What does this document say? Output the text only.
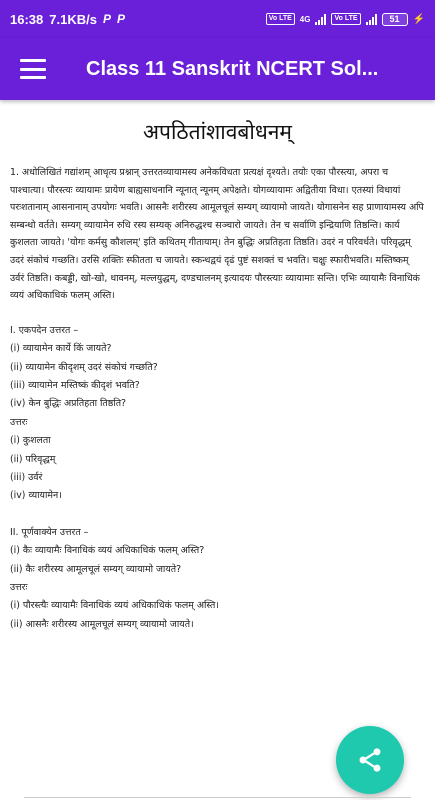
16:38 7.1KB/s P P	Vo LTE	4G	Vo LTE	51 ⚡
Class 11 Sanskrit NCERT Sol...
अपठितांशावबोधनम्
1. अधोलिखितं गद्यांशम् आधृत्य प्रश्नान् उत्तरतव्यायामस्य अनेकविधता प्रत्यक्षं दृश्यते। तयोः एका पौरस्त्या, अपरा च पाश्चात्या। पौरस्त्यः व्यायामः प्रायेण बाह्यसाधनानि न्यूनात् न्यूनम् अपेक्षते। योगव्यायामः अद्वितीया विधा। एतस्यां विधायां परःशतानाम् आसनानाम् उपयोगः भवति। आसनैः शरीरस्य आमूलचूलं सम्यग् व्यायामो जायते। योगासनेन सह प्राणायामस्य अपि सम्बन्धो वर्तते। सम्यग् व्यायामेन रुधि रस्य सम्यक् अनिरुद्धश्च सञ्चारो जायते। तेन च सर्वाणि इन्द्रियाणि तिष्ठन्ति। कार्य कुशलता जायते। 'योगः कर्मसु कौशलम्' इति कथितम् गीतायाम्। तेन बुद्धिः अप्रतिहता तिष्ठति। उदरं न परिवर्धते। परिवृद्धम् उदरं संकोचं गच्छति। उरसि शक्तिः स्फीतता च जायते। स्कन्धद्वयं दृढं पुष्टं सशक्तं च भवति। चक्षुः स्फारीभवति। मस्तिष्कम् उर्वरं तिष्ठति। कबड्डी, खो-खो, धावनम्, मल्लयुद्धम्, दण्डचालनम् इत्यादयः पौरस्त्याः व्यायामाः सन्ति। एभिः व्यायामैः विनाधिकं व्ययं अधिकाधिकं फलम् अस्ति।
I. एकपदेन उत्तरत –
(i) व्यायामेन कार्ये किं जायते?
(ii) व्यायामेन कीदृशम् उदरं संकोचं गच्छति?
(iii) व्यायामेन मस्तिष्कं कीदृशं भवति?
(iv) केन बुद्धिः अप्रतिहता तिष्ठति?
उत्तरः
(i) कुशलता
(ii) परिवृद्धम्
(iii) उर्वरं
(iv) व्यायामेन।
II. पूर्णवाक्येन उत्तरत –
(i) कैः व्यायामैः विनाधिकं व्ययं अधिकाधिकं फलम् अस्ति?
(ii) कैः शरीरस्य आमूलचूलं सम्यग् व्यायामो जायते?
उत्तरः
(i) पौरस्त्यैः व्यायामैः विनाधिकं व्ययं अधिकाधिकं फलम् अस्ति।
(ii) आसनैः शरीरस्य आमूलचूलं सम्यग् व्यायामो जायते।
